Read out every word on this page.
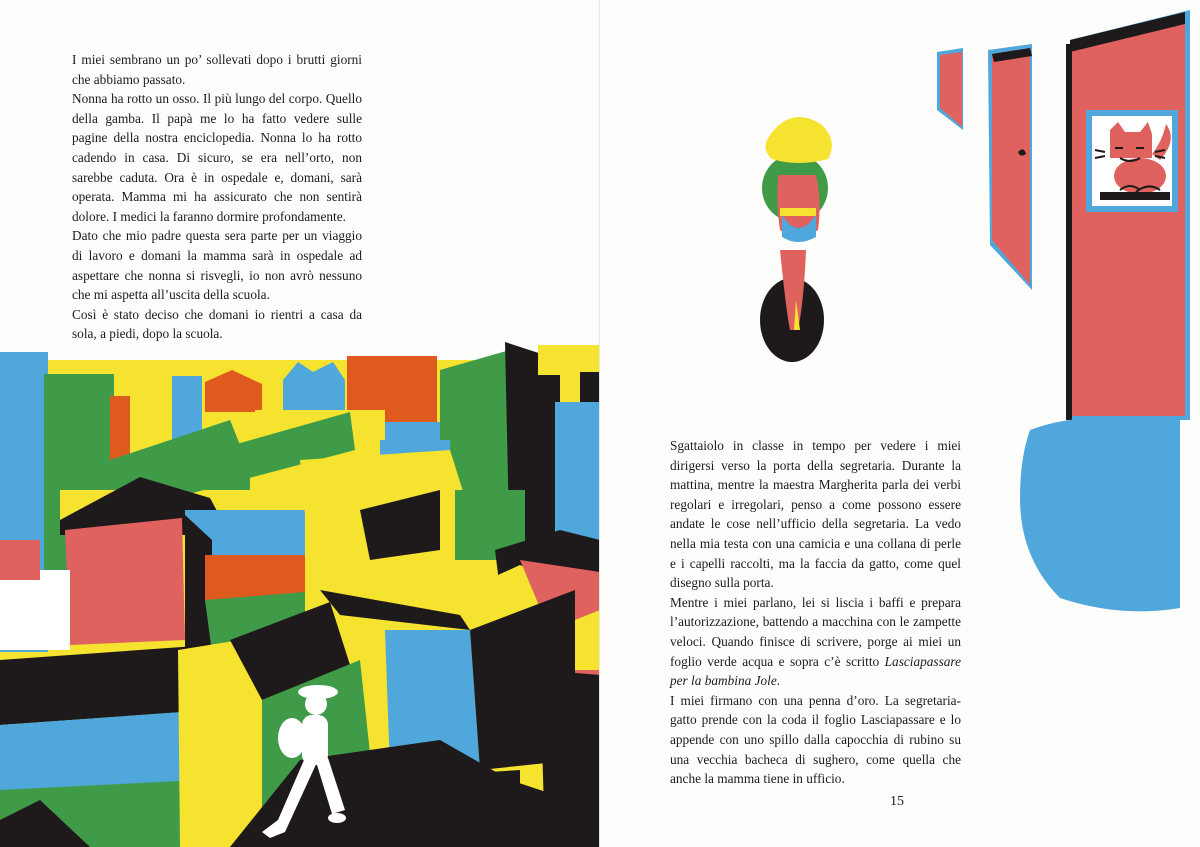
I miei sembrano un po’ sollevati dopo i brutti giorni che abbiamo passato.

Nonna ha rotto un osso. Il più lungo del corpo. Quello della gamba. Il papà me lo ha fatto vedere sulle pagine della nostra enciclopedia. Nonna lo ha rotto cadendo in casa. Di sicuro, se era nell’orto, non sarebbe caduta. Ora è in ospedale e, domani, sarà operata. Mamma mi ha assicurato che non sentirà dolore. I medici la faranno dormire profondamente.

Dato che mio padre questa sera parte per un viaggio di lavoro e domani la mamma sarà in ospedale ad aspettare che nonna si risvegli, io non avrò nessuno che mi aspetta all’uscita della scuola.

Così è stato deciso che domani io rientri a casa da sola, a piedi, dopo la scuola.

Sgattaiolo in classe in tempo per vedere i miei dirigersi verso la porta della segretaria. Durante la mattina, mentre la maestra Margherita parla dei verbi regolari e irregolari, penso a come possono essere andate le cose nell’ufficio della segretaria. La vedo nella mia testa con una camicia e una collana di perle e i capelli raccolti, ma la faccia da gatto, come quel disegno sulla porta.

Mentre i miei parlano, lei si liscia i baffi e prepara l’autorizzazione, battendo a macchina con le zampette veloci. Quando finisce di scrivere, porge ai miei un foglio verde acqua e sopra c’è scritto Lasciapassare per la bambina Jole.

I miei firmano con una penna d’oro. La segretaria-gatto prende con la coda il foglio Lasciapassare e lo appende con uno spillo dalla capocchia di rubino su una vecchia bacheca di sughero, come quella che anche la mamma tiene in ufficio.

15
